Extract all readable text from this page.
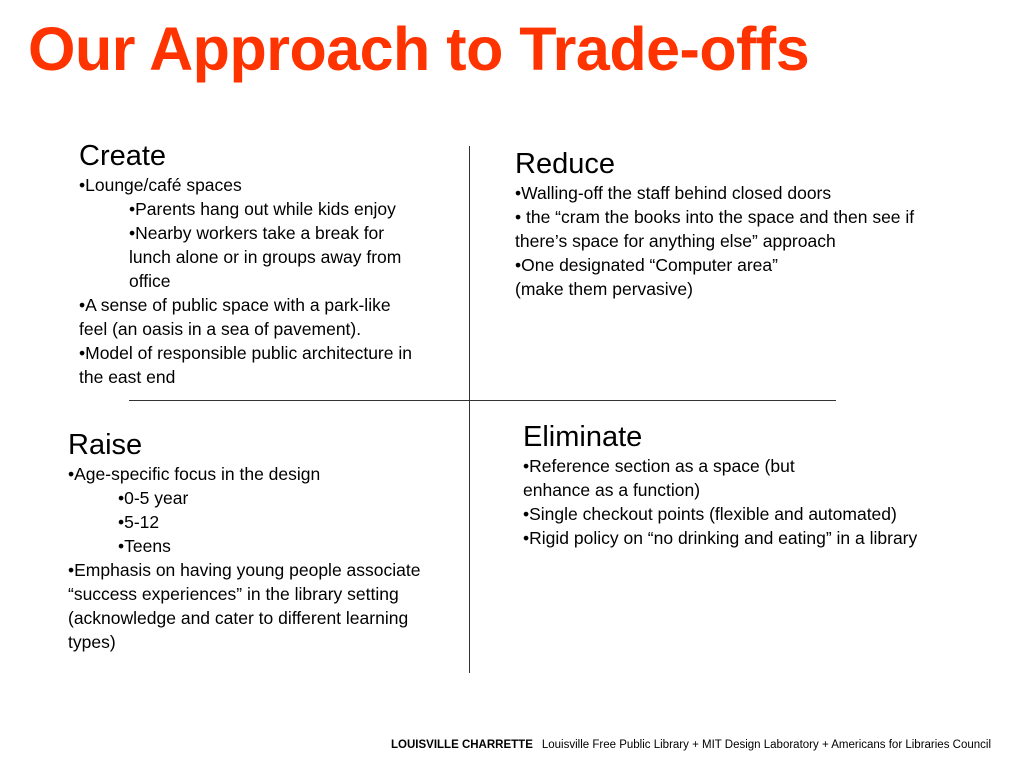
Our Approach to Trade-offs
Create

•Lounge/café spaces

•Parents hang out while kids enjoy

•Nearby workers take a break for

lunch alone or in groups away from

office

•A sense of public space with a park-like

feel (an oasis in a sea of pavement).

•Model of responsible public architecture in

the east end

Reduce

•Walling-off the staff behind closed doors

• the “cram the books into the space and then see if

there’s space for anything else” approach

•One designated “Computer area”

(make them pervasive)

Raise

•Age-specific focus in the design

•0-5 year

•5-12

•Teens

•Emphasis on having young people associate

“success experiences” in the library setting

(acknowledge and cater to different learning

types)

Eliminate

•Reference section as a space (but

enhance as a function)

•Single checkout points (flexible and automated)

•Rigid policy on “no drinking and eating” in a library

LOUISVILLE CHARRETTE Louisville Free Public Library + MIT Design Laboratory + Americans for Libraries Council
